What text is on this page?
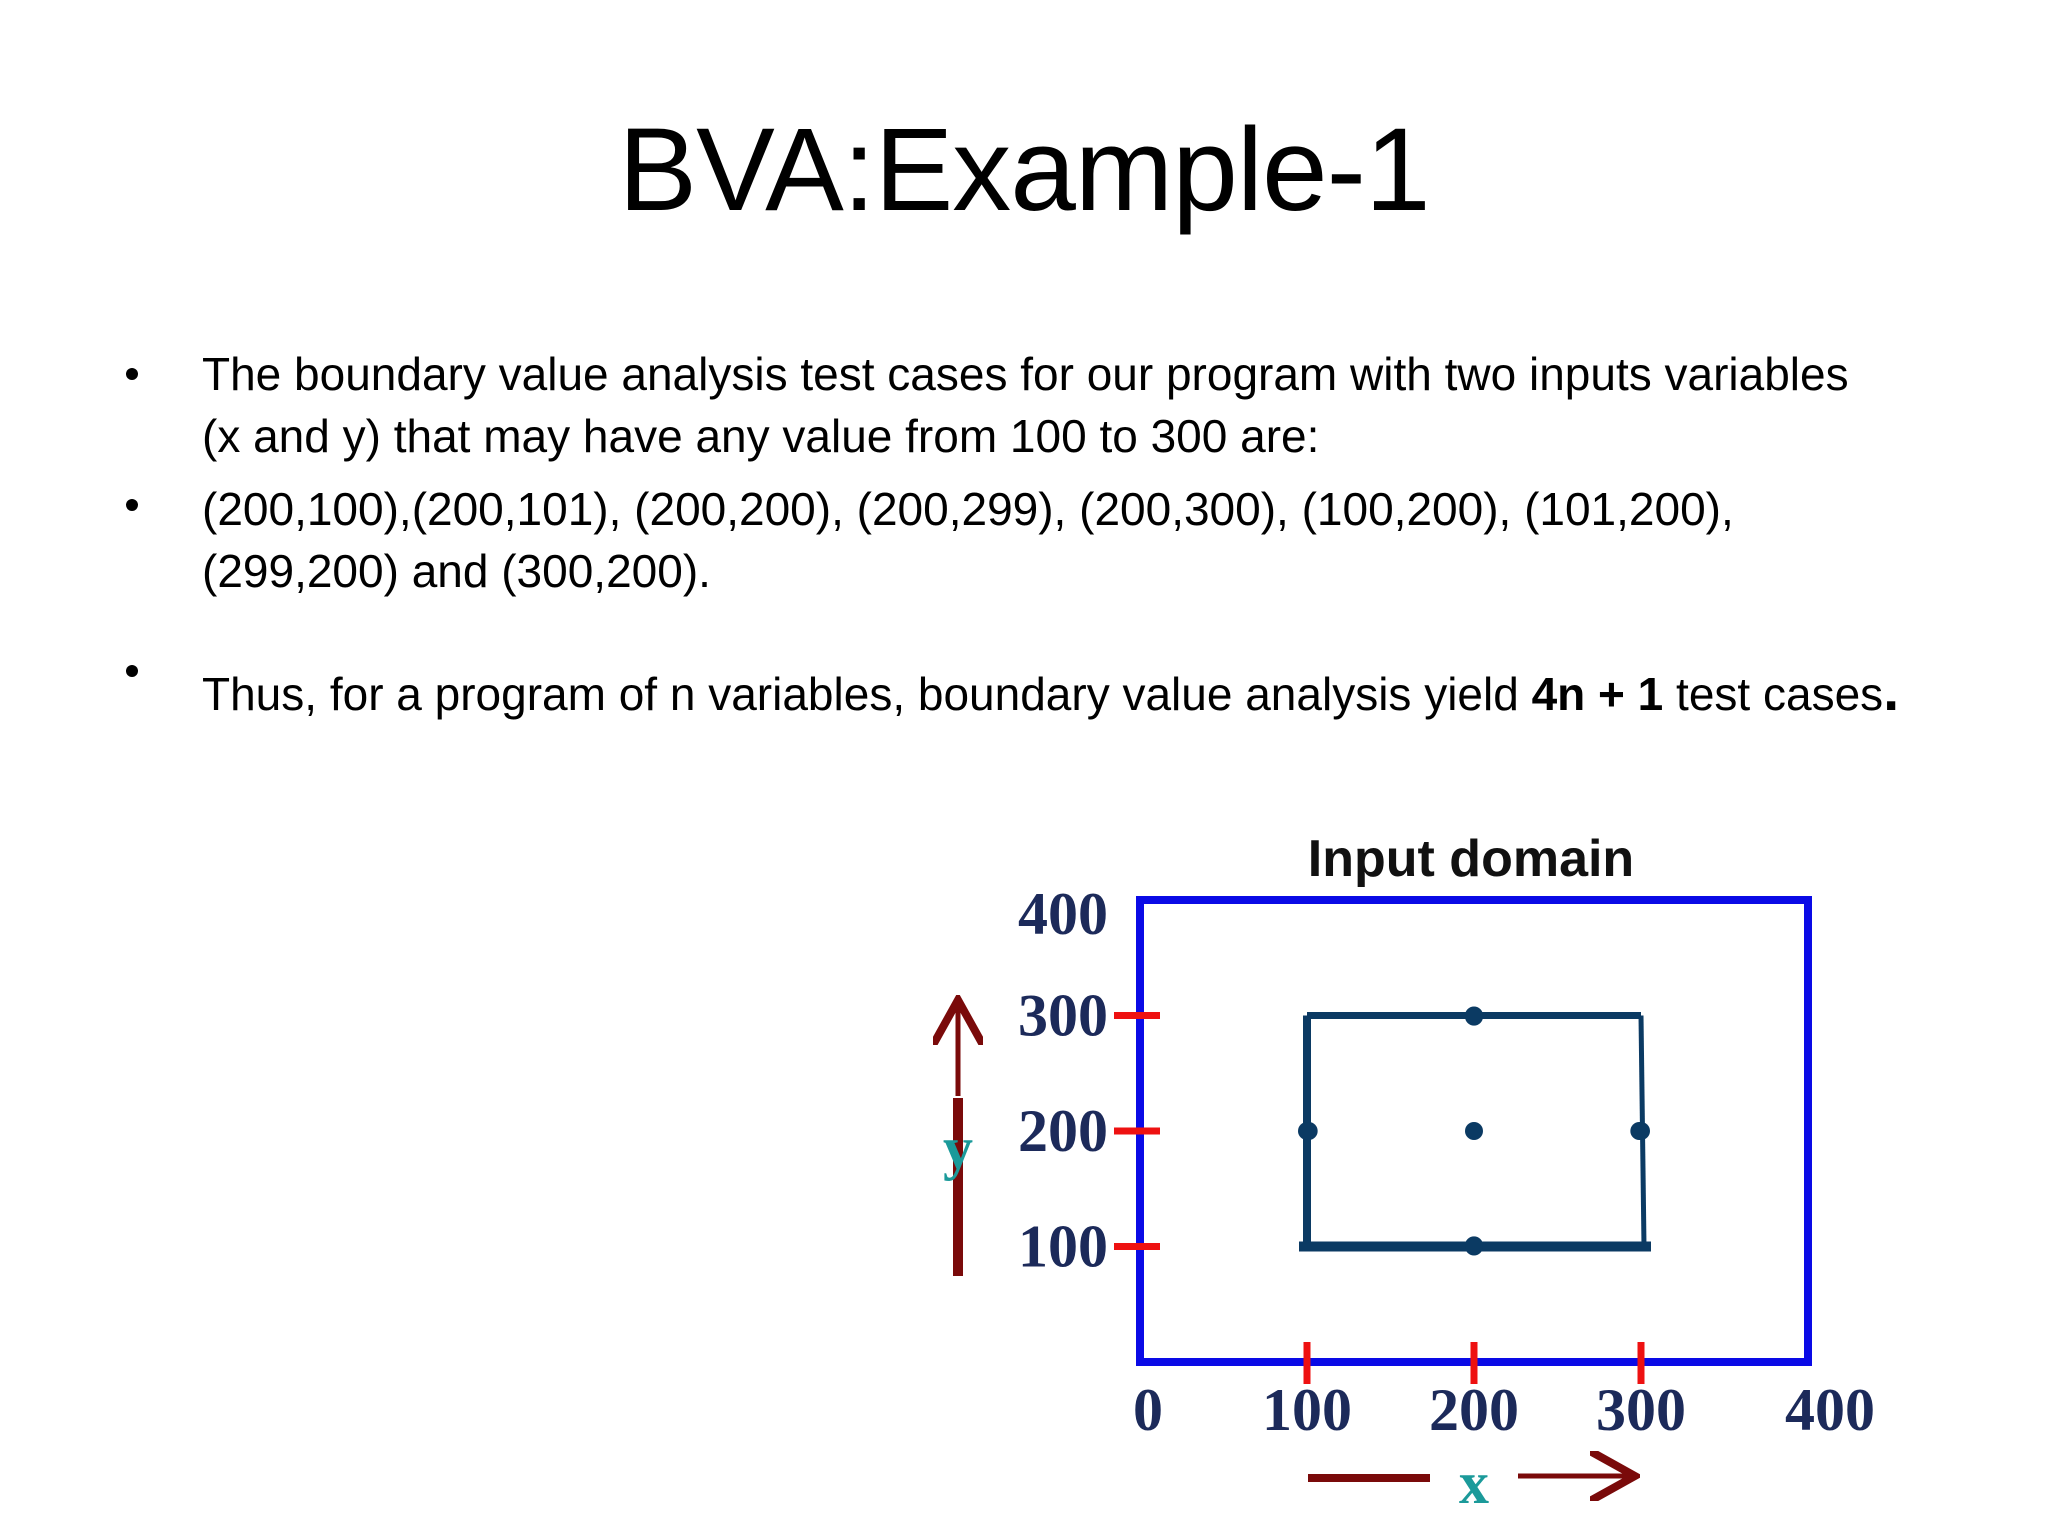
BVA:Example-1
The boundary value analysis test cases for our program with two inputs variables
(x and y) that may have any value from 100 to 300 are:
(200,100),(200,101), (200,200), (200,299), (200,300), (100,200), (101,200),
(299,200) and (300,200).
Thus, for a program of n variables, boundary value analysis yield 4n + 1 test cases.
Input domain
0 100 200 300 400
400
300
200
100
y
x
